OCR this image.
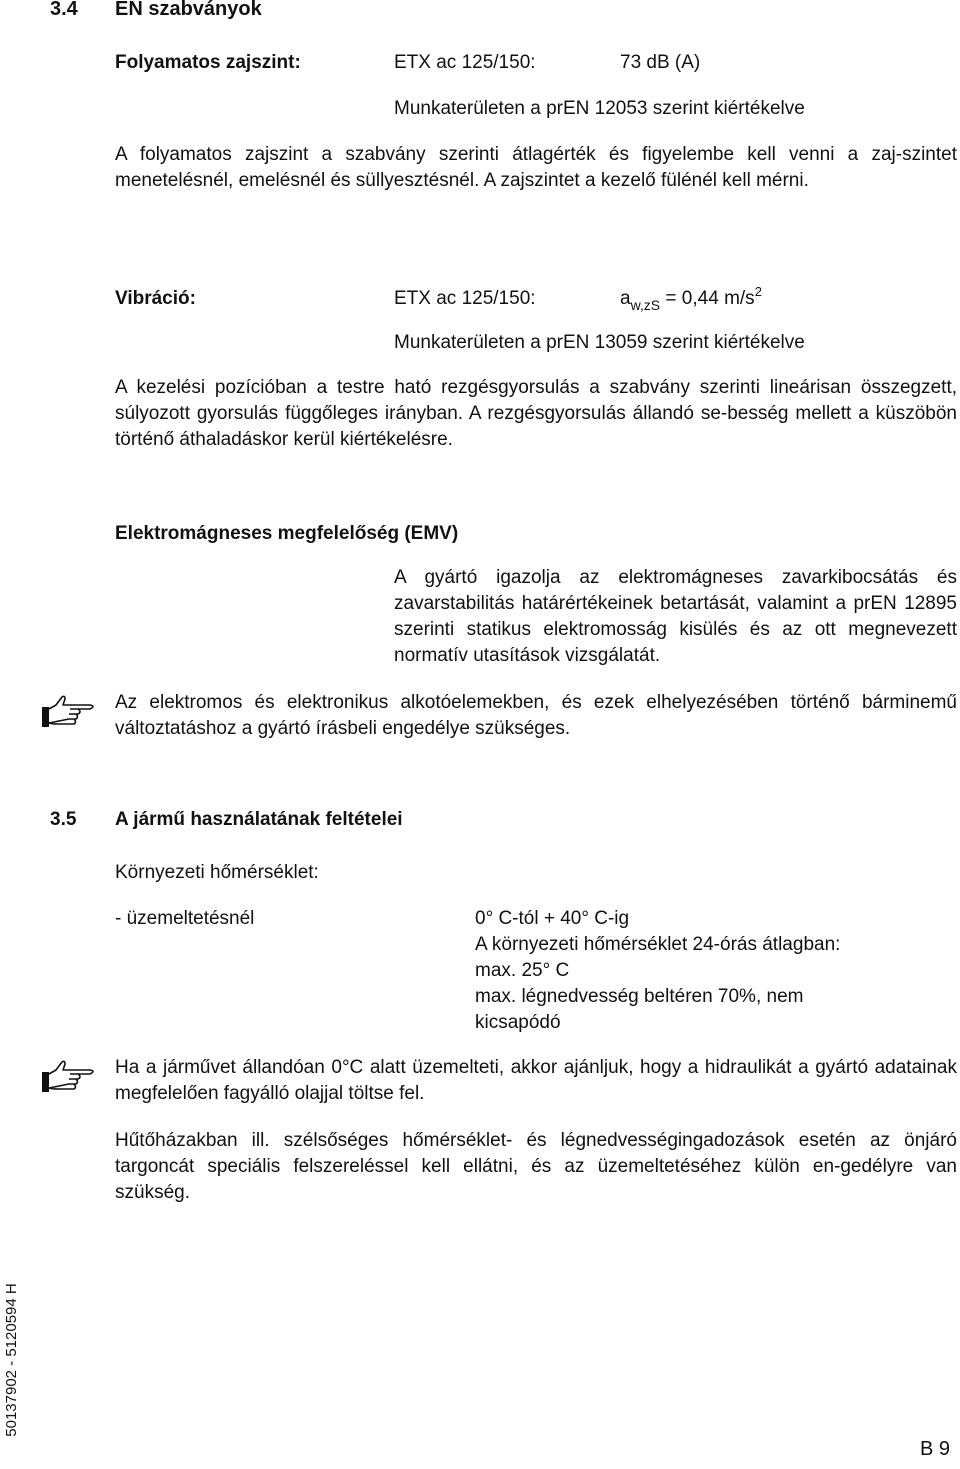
3.4 EN szabványok
Folyamatos zajszint:	ETX ac 125/150:	73 dB (A)
Munkaterületen a prEN 12053 szerint kiértékelve

A folyamatos zajszint a szabvány szerinti átlagérték és figyelembe kell venni a zaj-szintet menetelésnél, emelésnél és süllyesztésnél. A zajszintet a kezelő fülénél kell mérni.

Vibráció:	ETX ac 125/150:	$a_{w,zS} = 0,44$ $m/s^2$
Munkaterületen a prEN 13059 szerint kiértékelve

A kezelési pozícióban a testre ható rezgésgyorsulás a szabvány szerinti lineárisan összegzett, súlyozott gyorsulás függőleges irányban. A rezgésgyorsulás állandó se-besség mellett a küszöbön történő áthaladáskor kerül kiértékelésre.

Elektromágneses megfelelőség (EMV)

A gyártó igazolja az elektromágneses zavarkibocsátás és zavarstabilitás határértékeinek betartását, valamint a prEN 12895 szerinti statikus elektromosság kisülés és az ott megnevezett normatív utasítások vizsgálatát.

Az elektromos és elektronikus alkotóelemekben, és ezek elhelyezésében történő bárminemű változtatáshoz a gyártó írásbeli engedélye szükséges.

3.5 A jármű használatának feltételei
Környezeti hőmérséklet:
- üzemeltetésnél	0° C-tól + 40° C-ig
A környezeti hőmérséklet 24-órás átlagban:
max. 25° C
max. légnedvesség beltéren 70%, nem
kicsapódó

Ha a járművet állandóan 0°C alatt üzemelteti, akkor ajánljuk, hogy a hidraulikát a gyártó adatainak megfelelően fagyálló olajjal töltse fel.

Hűtőházakban ill. szélsőséges hőmérséklet- és légnedvességingadozások esetén az önjáró targoncát speciális felszereléssel kell ellátni, és az üzemeltetéséhez külön en-gedélyre van szükség.

50137902 - 5120594 H
B 9
